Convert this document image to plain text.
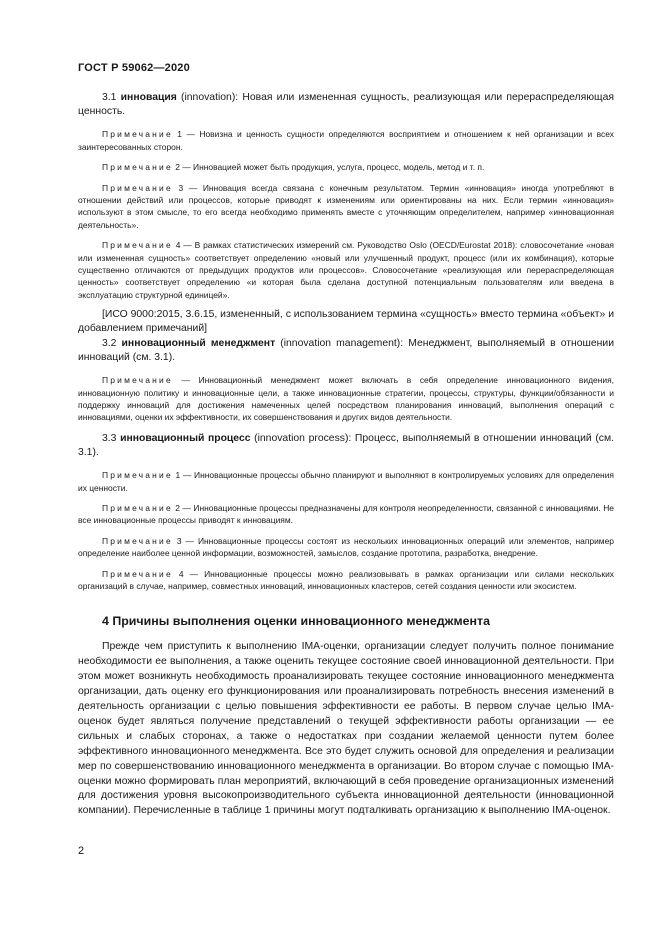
ГОСТ Р 59062—2020

3.1 инновация (innovation): Новая или измененная сущность, реализующая или перераспределяющая ценность.

Примечание 1 — Новизна и ценность сущности определяются восприятием и отношением к ней организации и всех заинтересованных сторон.

Примечание 2 — Инновацией может быть продукция, услуга, процесс, модель, метод и т. п.

Примечание 3 — Инновация всегда связана с конечным результатом. Термин «инновация» иногда употребляют в отношении действий или процессов, которые приводят к изменениям или ориентированы на них. Если термин «инновация» используют в этом смысле, то его всегда необходимо применять вместе с уточняющим определителем, например «инновационная деятельность».

Примечание 4 — В рамках статистических измерений см. Руководство Oslo (OECD/Eurostat 2018): словосочетание «новая или измененная сущность» соответствует определению «новый или улучшенный продукт, процесс (или их комбинация), которые существенно отличаются от предыдущих продуктов или процессов». Словосочетание «реализующая или перераспределяющая ценность» соответствует определению «и которая была сделана доступной потенциальным пользователям или введена в эксплуатацию структурной единицей».

[ИСО 9000:2015, 3.6.15, измененный, с использованием термина «сущность» вместо термина «объект» и добавлением примечаний]

3.2 инновационный менеджмент (innovation management): Менеджмент, выполняемый в отношении инноваций (см. 3.1).

Примечание — Инновационный менеджмент может включать в себя определение инновационного видения, инновационную политику и инновационные цели, а также инновационные стратегии, процессы, структуры, функции/обязанности и поддержку инноваций для достижения намеченных целей посредством планирования инноваций, выполнения операций с инновациями, оценки их эффективности, их совершенствования и других видов деятельности.

3.3 инновационный процесс (innovation process): Процесс, выполняемый в отношении инноваций (см. 3.1).

Примечание 1 — Инновационные процессы обычно планируют и выполняют в контролируемых условиях для определения их ценности.

Примечание 2 — Инновационные процессы предназначены для контроля неопределенности, связанной с инновациями. Не все инновационные процессы приводят к инновациям.

Примечание 3 — Инновационные процессы состоят из нескольких инновационных операций или элементов, например определение наиболее ценной информации, возможностей, замыслов, создание прототипа, разработка, внедрение.

Примечание 4 — Инновационные процессы можно реализовывать в рамках организации или силами нескольких организаций в случае, например, совместных инноваций, инновационных кластеров, сетей создания ценности или экосистем.

4 Причины выполнения оценки инновационного менеджмента

Прежде чем приступить к выполнению IMA-оценки, организации следует получить полное понимание необходимости ее выполнения, а также оценить текущее состояние своей инновационной деятельности. При этом может возникнуть необходимость проанализировать текущее состояние инновационного менеджмента организации, дать оценку его функционирования или проанализировать потребность внесения изменений в деятельность организации с целью повышения эффективности ее работы. В первом случае целью IMA-оценок будет являться получение представлений о текущей эффективности работы организации — ее сильных и слабых сторонах, а также о недостатках при создании желаемой ценности путем более эффективного инновационного менеджмента. Все это будет служить основой для определения и реализации мер по совершенствованию инновационного менеджмента в организации. Во втором случае с помощью IMA-оценки можно формировать план мероприятий, включающий в себя проведение организационных изменений для достижения уровня высокопроизводительного субъекта инновационной деятельности (инновационной компании). Перечисленные в таблице 1 причины могут подталкивать организацию к выполнению IMA-оценок.

2
